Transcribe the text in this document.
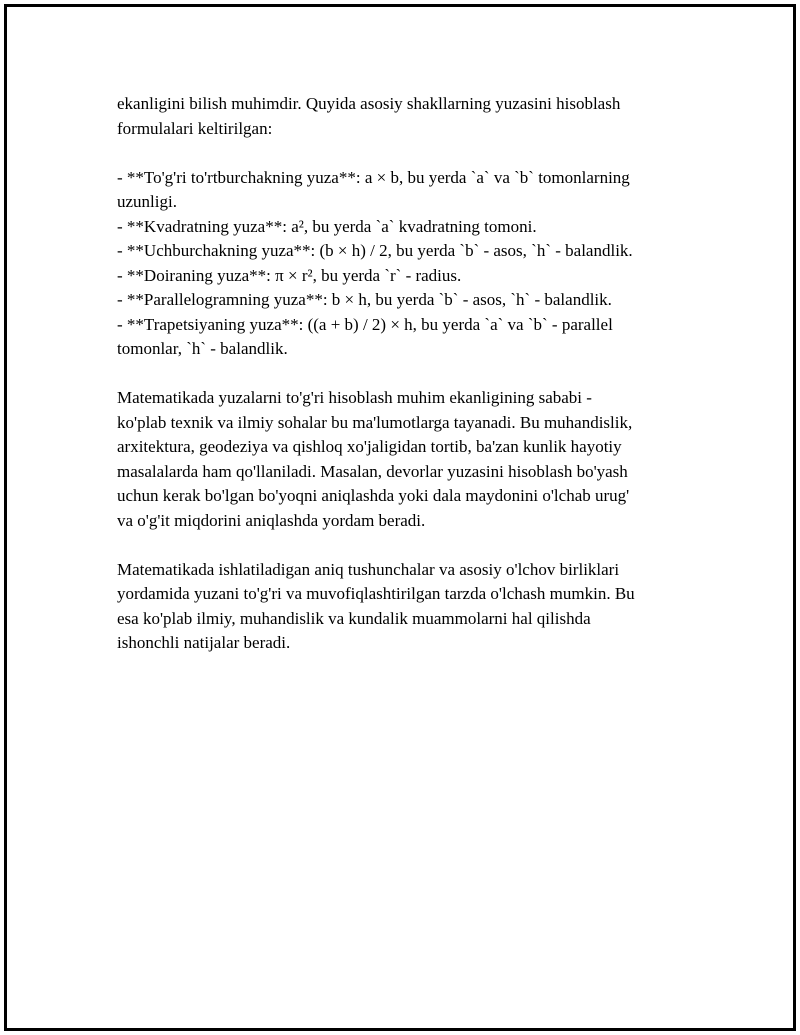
ekanligini bilish muhimdir. Quyida asosiy shakllarning yuzasini hisoblash
formulalari keltirilgan:
- **To'g'ri to'rtburchakning yuza**: a × b, bu yerda `a` va `b` tomonlarning
uzunligi.
- **Kvadratning yuza**: a², bu yerda `a` kvadratning tomoni.
- **Uchburchakning yuza**: (b × h) / 2, bu yerda `b` - asos, `h` - balandlik.
- **Doiraning yuza**: π × r², bu yerda `r` - radius.
- **Parallelogramning yuza**: b × h, bu yerda `b` - asos, `h` - balandlik.
- **Trapetsiyaning yuza**: ((a + b) / 2) × h, bu yerda `a` va `b` - parallel
tomonlar, `h` - balandlik.
Matematikada yuzalarni to'g'ri hisoblash muhim ekanligining sababi -
ko'plab texnik va ilmiy sohalar bu ma'lumotlarga tayanadi. Bu muhandislik,
arxitektura, geodeziya va qishloq xo'jaligidan tortib, ba'zan kunlik hayotiy
masalalarda ham qo'llaniladi. Masalan, devorlar yuzasini hisoblash bo'yash
uchun kerak bo'lgan bo'yoqni aniqlashda yoki dala maydonini o'lchab urug'
va o'g'it miqdorini aniqlashda yordam beradi.
Matematikada ishlatiladigan aniq tushunchalar va asosiy o'lchov birliklari
yordamida yuzani to'g'ri va muvofiqlashtirilgan tarzda o'lchash mumkin. Bu
esa ko'plab ilmiy, muhandislik va kundalik muammolarni hal qilishda
ishonchli natijalar beradi.
